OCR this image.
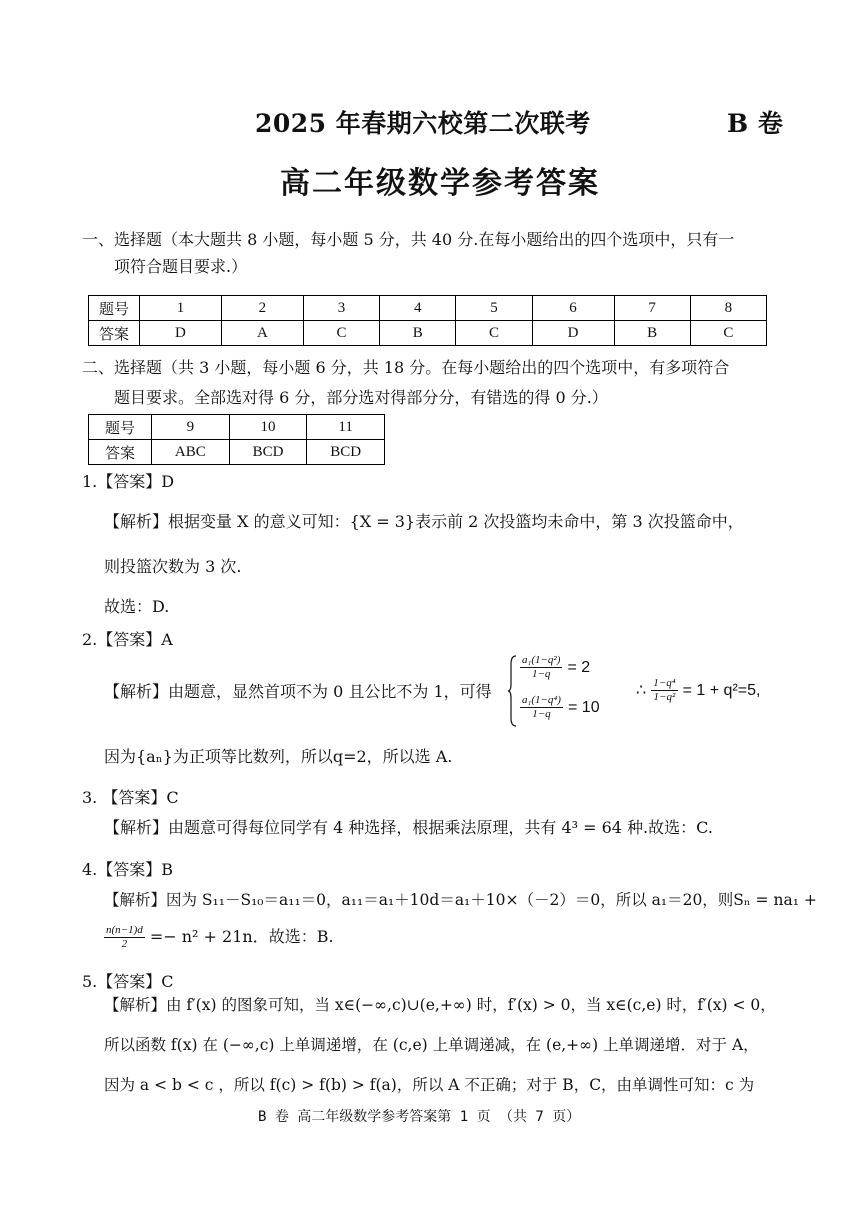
2025 年春期六校第二次联考	B 卷
高二年级数学参考答案
一、选择题（本大题共 8 小题，每小题 5 分，共 40 分.在每小题给出的四个选项中，只有一
项符合题目要求.）
题号	1	2	3	4	5	6	7	8
答案	D	A	C	B	C	D	B	C
二、选择题（共 3 小题，每小题 6 分，共 18 分。在每小题给出的四个选项中，有多项符合
题目要求。全部选对得 6 分，部分选对得部分分，有错选的得 0 分.）
题号	9	10	11
答案	ABC	BCD	BCD
1.【答案】D
【解析】根据变量 X 的意义可知：{X = 3}表示前 2 次投篮均未命中，第 3 次投篮命中，
则投篮次数为 3 次.
故选：D.
2.【答案】A
【解析】由题意，显然首项不为 0 且公比不为 1，可得
$\frac{\text{a₁(1−q²)}}{1-q} = 2$
$\frac{\text{a₁(1−q⁴)}}{1-q} = 10$
∴ $\frac{\text{1−q⁴}}{\text{1−q²}} = 1 + q^2=5$,
因为{aₙ}为正项等比数列，所以q=2，所以选 A.
3. 【答案】C
【解析】由题意可得每位同学有 4 种选择，根据乘法原理，共有 4³ = 64 种.故选：C.
4.【答案】B
【解析】因为 S₁₁－S₁₀＝a₁₁＝0，a₁₁＝a₁＋10d＝a₁＋10×（－2）＝0，所以 a₁＝20，则Sₙ = na₁ +
$\frac{n(n-1)d}{2} =- n^2 + 21n$．故选：B.
5.【答案】C
【解析】由 f′(x) 的图象可知，当 x∈(−∞,c)∪(e,+∞) 时，f′(x) > 0，当 x∈(c,e) 时，f′(x) < 0，
所以函数 f(x) 在 (−∞,c) 上单调递增，在 (c,e) 上单调递减，在 (e,+∞) 上单调递增．对于 A，
因为 a < b < c ，所以 f(c) > f(b) > f(a)，所以 A 不正确；对于 B，C，由单调性可知：c 为
B 卷 高二年级数学参考答案第 1 页 （共 7 页）
